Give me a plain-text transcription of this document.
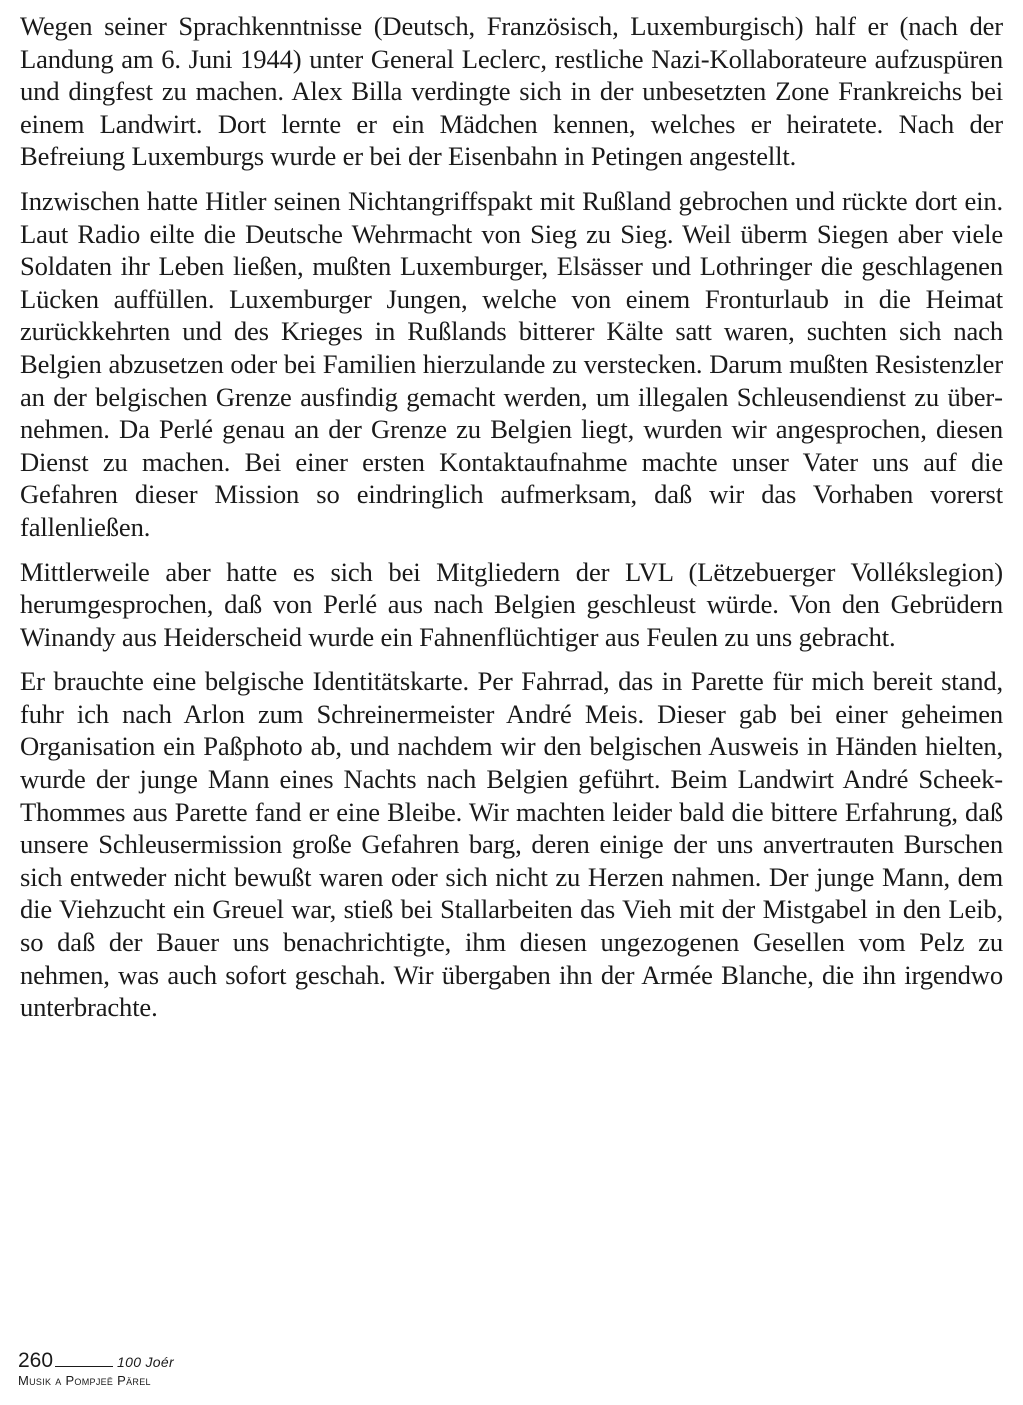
Wegen seiner Sprachkenntnisse (Deutsch, Französisch, Luxemburgisch) half er (nach der Landung am 6. Juni 1944) unter General Leclerc, restliche Nazi-Kollaborateure aufzuspüren und dingfest zu machen. Alex Billa verdingte sich in der unbesetzten Zone Frankreichs bei einem Landwirt. Dort lernte er ein Mädchen kennen, welches er heiratete. Nach der Befreiung Luxemburgs wurde er bei der Eisenbahn in Petingen angestellt.

Inzwischen hatte Hitler seinen Nichtangriffspakt mit Rußland gebrochen und rückte dort ein. Laut Radio eilte die Deutsche Wehrmacht von Sieg zu Sieg. Weil überm Siegen aber viele Soldaten ihr Leben ließen, mußten Luxemburger, Elsässer und Lothringer die geschlagenen Lücken auffüllen. Luxemburger Jungen, welche von einem Fronturlaub in die Heimat zurückkehrten und des Krieges in Rußlands bitterer Kälte satt waren, suchten sich nach Belgien abzusetzen oder bei Familien hierzulande zu verstecken. Darum mußten Resistenzler an der belgischen Grenze ausfindig gemacht werden, um illegalen Schleusendienst zu übernehmen. Da Perlé genau an der Grenze zu Belgien liegt, wurden wir angesprochen, diesen Dienst zu machen. Bei einer ersten Kontaktaufnahme machte unser Vater uns auf die Gefahren dieser Mission so eindringlich aufmerksam, daß wir das Vorhaben vorerst fallenließen.

Mittlerweile aber hatte es sich bei Mitgliedern der LVL (Lëtzebuerger Vollékslegion) herumgesprochen, daß von Perlé aus nach Belgien geschleust würde. Von den Gebrüdern Winandy aus Heiderscheid wurde ein Fahnenflüchtiger aus Feulen zu uns gebracht.

Er brauchte eine belgische Identitätskarte. Per Fahrrad, das in Parette für mich bereit stand, fuhr ich nach Arlon zum Schreinermeister André Meis. Dieser gab bei einer geheimen Organisation ein Paßphoto ab, und nachdem wir den belgischen Ausweis in Händen hielten, wurde der junge Mann eines Nachts nach Belgien geführt. Beim Landwirt André Scheek-Thommes aus Parette fand er eine Bleibe. Wir machten leider bald die bittere Erfahrung, daß unsere Schleusermission große Gefahren barg, deren einige der uns anvertrauten Burschen sich entweder nicht bewußt waren oder sich nicht zu Herzen nahmen. Der junge Mann, dem die Viehzucht ein Greuel war, stieß bei Stallarbeiten das Vieh mit der Mistgabel in den Leib, so daß der Bauer uns benachrichtigte, ihm diesen ungezogenen Gesellen vom Pelz zu nehmen, was auch sofort geschah. Wir übergaben ihn der Armée Blanche, die ihn irgendwo unterbrachte.

260	100 Joér
Musik a Pompjeë Pärel
